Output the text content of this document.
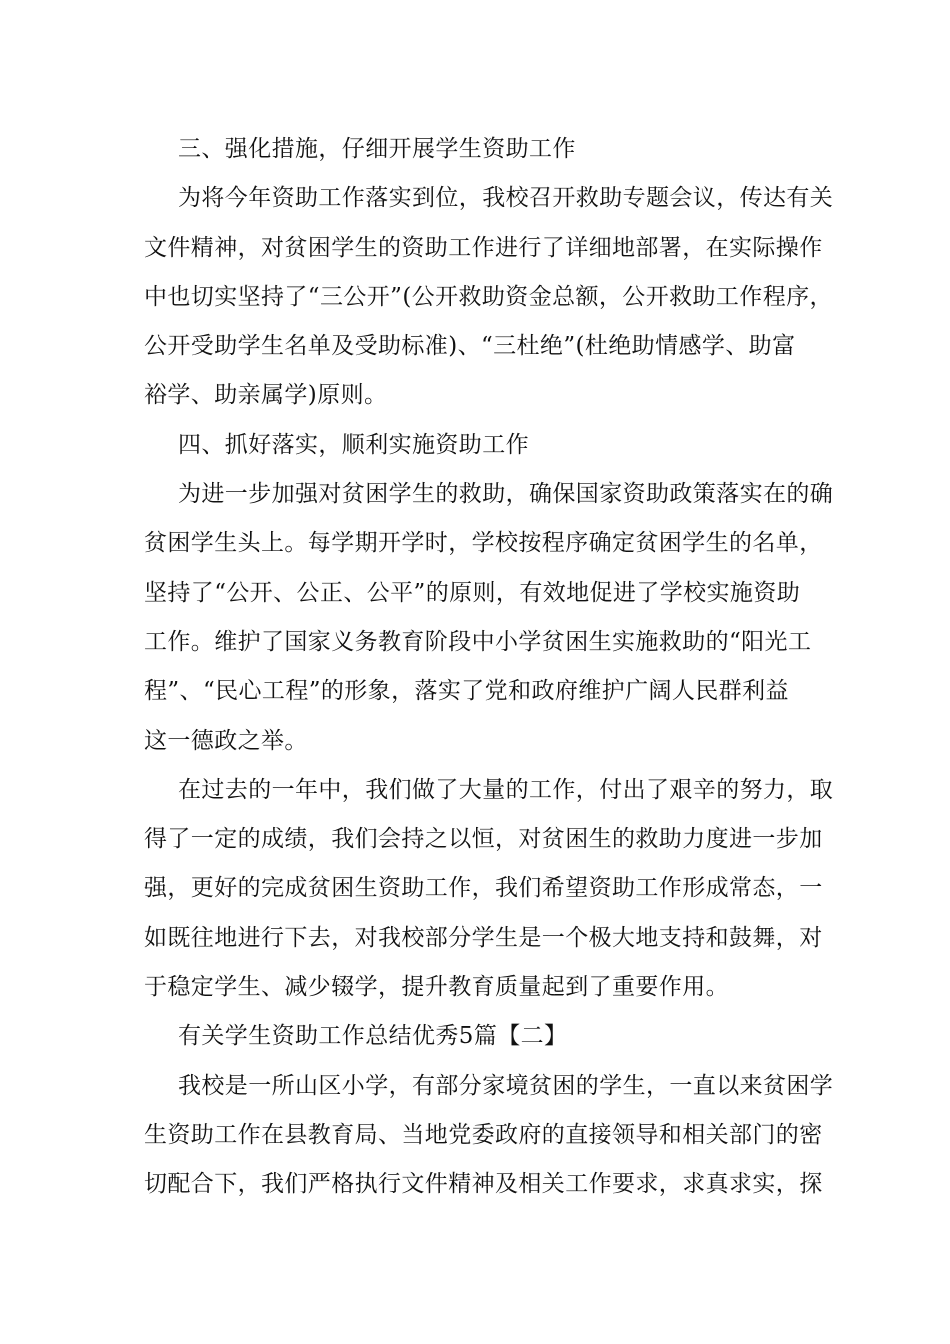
三、强化措施，仔细开展学生资助工作
为将今年资助工作落实到位，我校召开救助专题会议，传达有关
文件精神，对贫困学生的资助工作进行了详细地部署，在实际操作
中也切实坚持了“三公开”(公开救助资金总额，公开救助工作程序，
公开受助学生名单及受助标准)、“三杜绝”(杜绝助情感学、助富
裕学、助亲属学)原则。
四、抓好落实，顺利实施资助工作
为进一步加强对贫困学生的救助，确保国家资助政策落实在的确
贫困学生头上。每学期开学时，学校按程序确定贫困学生的名单，
坚持了“公开、公正、公平”的原则，有效地促进了学校实施资助
工作。维护了国家义务教育阶段中小学贫困生实施救助的“阳光工
程”、“民心工程”的形象，落实了党和政府维护广阔人民群利益
这一德政之举。
在过去的一年中，我们做了大量的工作，付出了艰辛的努力，取
得了一定的成绩，我们会持之以恒，对贫困生的救助力度进一步加
强，更好的完成贫困生资助工作，我们希望资助工作形成常态，一
如既往地进行下去，对我校部分学生是一个极大地支持和鼓舞，对
于稳定学生、减少辍学，提升教育质量起到了重要作用。
有关学生资助工作总结优秀5篇【二】
我校是一所山区小学，有部分家境贫困的学生，一直以来贫困学
生资助工作在县教育局、当地党委政府的直接领导和相关部门的密
切配合下，我们严格执行文件精神及相关工作要求，求真求实，探
